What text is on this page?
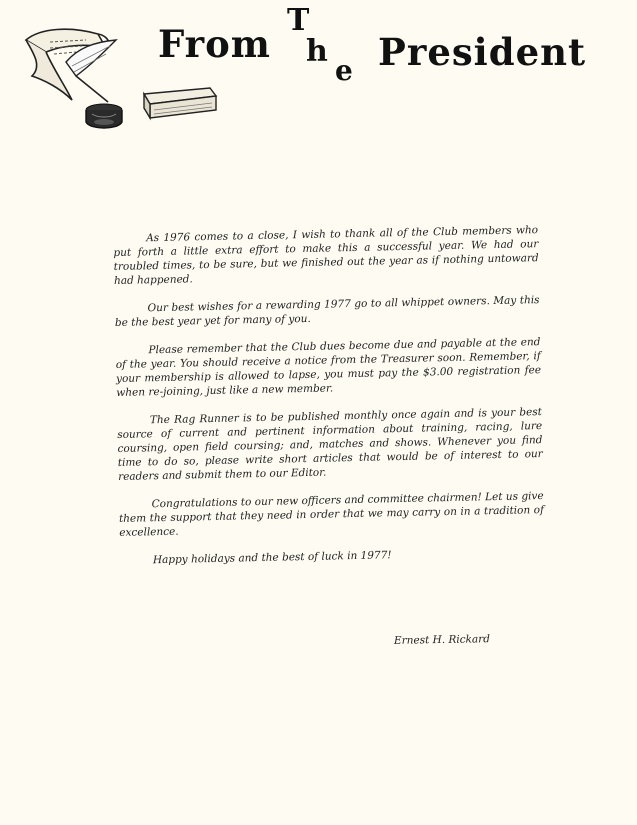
From
T
h
e President

As 1976 comes to a close, I wish to thank all of the Club members who put forth a little extra effort to make this a successful year. We had our troubled times, to be sure, but we finished out the year as if nothing untoward had happened.

Our best wishes for a rewarding 1977 go to all whippet owners. May this be the best year yet for many of you.

Please remember that the Club dues become due and payable at the end of the year. You should receive a notice from the Treasurer soon. Remember, if your membership is allowed to lapse, you must pay the $3.00 registration fee when re-joining, just like a new member.

The Rag Runner is to be published monthly once again and is your best source of current and pertinent information about training, racing, lure coursing, open field coursing; and, matches and shows. Whenever you find time to do so, please write short articles that would be of interest to our readers and submit them to our Editor.

Congratulations to our new officers and committee chairmen! Let us give them the support that they need in order that we may carry on in a tradition of excellence.

Happy holidays and the best of luck in 1977!

Ernest H. Rickard
